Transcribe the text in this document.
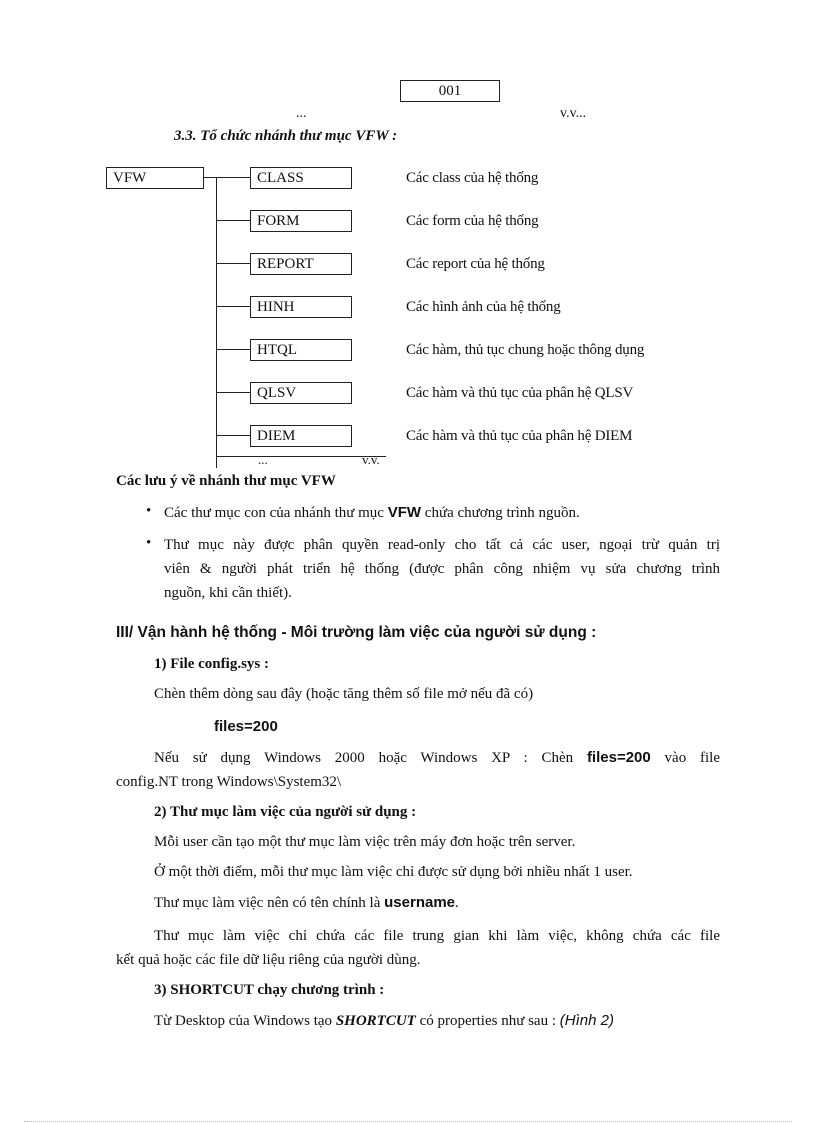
001
...	v.v...
3.3. Tổ chức nhánh thư mục VFW :
VFW	CLASS	Các class của hệ thống
FORM	Các form của hệ thống
REPORT	Các report của hệ thống
HINH	Các hình ảnh của hệ thống
HTQL	Các hàm, thủ tục chung hoặc thông dụng
QLSV	Các hàm và thủ tục của phân hệ QLSV
DIEM	Các hàm và thủ tục của phân hệ DIEM
...	v.v.
Các lưu ý về nhánh thư mục VFW
• Các thư mục con của nhánh thư mục VFW chứa chương trình nguồn.
• Thư mục này được phân quyền read-only cho tất cả các user, ngoại trừ quản trị
viên & người phát triển hệ thống (được phân công nhiệm vụ sửa chương trình
nguồn, khi cần thiết).
III/ Vận hành hệ thống - Môi trường làm việc của người sử dụng :
1) File config.sys :
Chèn thêm dòng sau đây (hoặc tăng thêm số file mở nếu đã có)
files=200
Nếu sử dụng Windows 2000 hoặc Windows XP : Chèn files=200 vào file
config.NT trong Windows\System32\
2) Thư mục làm việc của người sử dụng :
Mỗi user cần tạo một thư mục làm việc trên máy đơn hoặc trên server.
Ở một thời điểm, mỗi thư mục làm việc chỉ được sử dụng bởi nhiều nhất 1 user.
Thư mục làm việc nên có tên chính là username.
Thư mục làm việc chỉ chứa các file trung gian khi làm việc, không chứa các file
kết quả hoặc các file dữ liệu riêng của người dùng.
3) SHORTCUT chạy chương trình :
Từ Desktop của Windows tạo SHORTCUT có properties như sau : (Hình 2)
